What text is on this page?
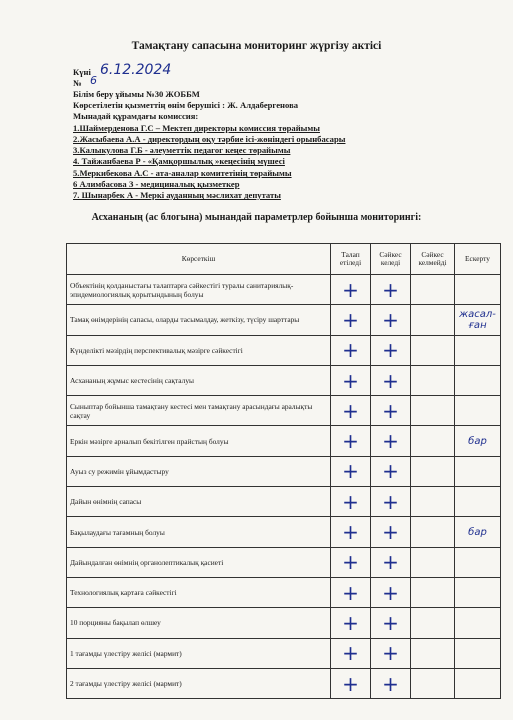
Тамақтану сапасына мониторинг жүргізу актісі
Күні 6.12.2024
№ 6
Білім беру ұйымы №30 ЖОББМ
Көрсетілетін қызметтің өнім берушісі : Ж. Алдабергенова
Мынадай құрамдағы комиссия:
1.Шаймерденова Г.С – Мектеп директоры комиссия төрайымы
2.Жасыбаева А.А - директордың оқу тәрбие ісі-жөніндегі орынбасары
3.Калыкулова Г.Б - әлеуметтік педагог кеңес төрайымы
4. Тайжанбаева Р - «Қамқоршылық »кеңесінің мүшесі
5.Меркибекова А.С - ата-аналар комитетінің төрайымы
6 Алимбасова З - медициналық қызметкер
7. Шынарбек А - Меркі ауданның мәслихат депутаты
Асхананың (ас блогына) мынандай параметрлер бойынша мониторингі:
Көрсеткіш	Талап етіледі	Сәйкес келеді	Сәйкес келмейді	Ескерту
Объектінің қолданыстағы талаптарға сәйкестігі туралы санитариялық-эпидемиологиялық қорытындының болуы	+	+		
Тамақ өнімдерінің сапасы, оларды тасымалдау, жеткізу, түсіру шарттары	+	+		жасал-ған
Күнделікті мәзірдің перспективалық мәзірге сәйкестігі	+	+		
Асхананың жұмыс кестесінің сақталуы	+	+		
Сыныптар бойынша тамақтану кестесі мен тамақтану арасындағы аралықты сақтау	+	+		
Еркін мәзірге арналып бекітілген прайстың болуы	+	+		бар
Ауыз су режимін ұйымдастыру	+	+		
Дайын өнімнің сапасы	+	+		
Бақылаудағы тағамның болуы	+	+		бар
Дайындалған өнімнің органолептикалық қасиеті	+	+		
Технологиялық картаға сәйкестігі	+	+		
10 порцияны бақылап өлшеу	+	+		
1 тағамды үлестіру желісі (мармит)	+	+		
2 тағамды үлестіру желісі (мармит)	+	+		
